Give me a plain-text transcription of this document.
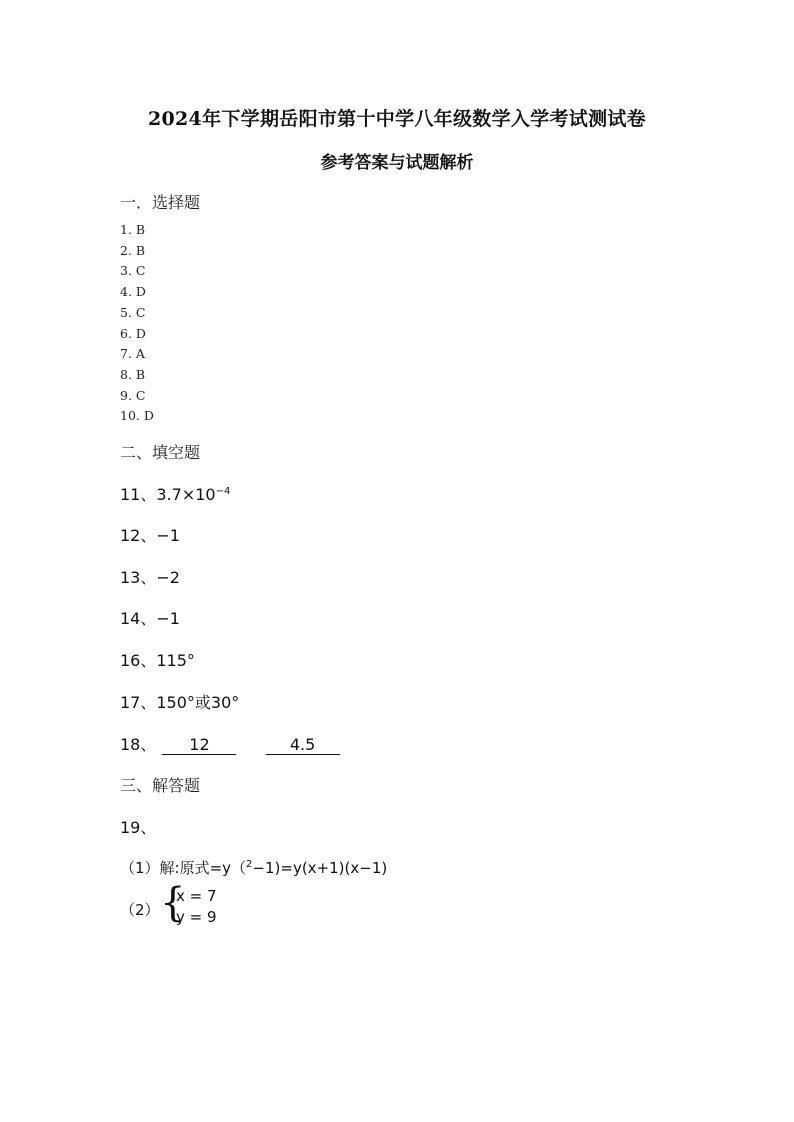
2024年下学期岳阳市第十中学八年级数学入学考试测试卷
参考答案与试题解析
一．选择题
1. B
2. B
3. C
4. D
5. C
6. D
7. A
8. B
9. C
10. D
二、填空题
11、$3.7\times 10^{-4}$
12、−1
13、−2
14、−1
16、115°
17、150°或30°
18、 12	4.5
三、解答题
19、
（1）解:原式=y（$^2$−1)=y(x+1)(x−1)
（2） {
x = 7
y = 9
